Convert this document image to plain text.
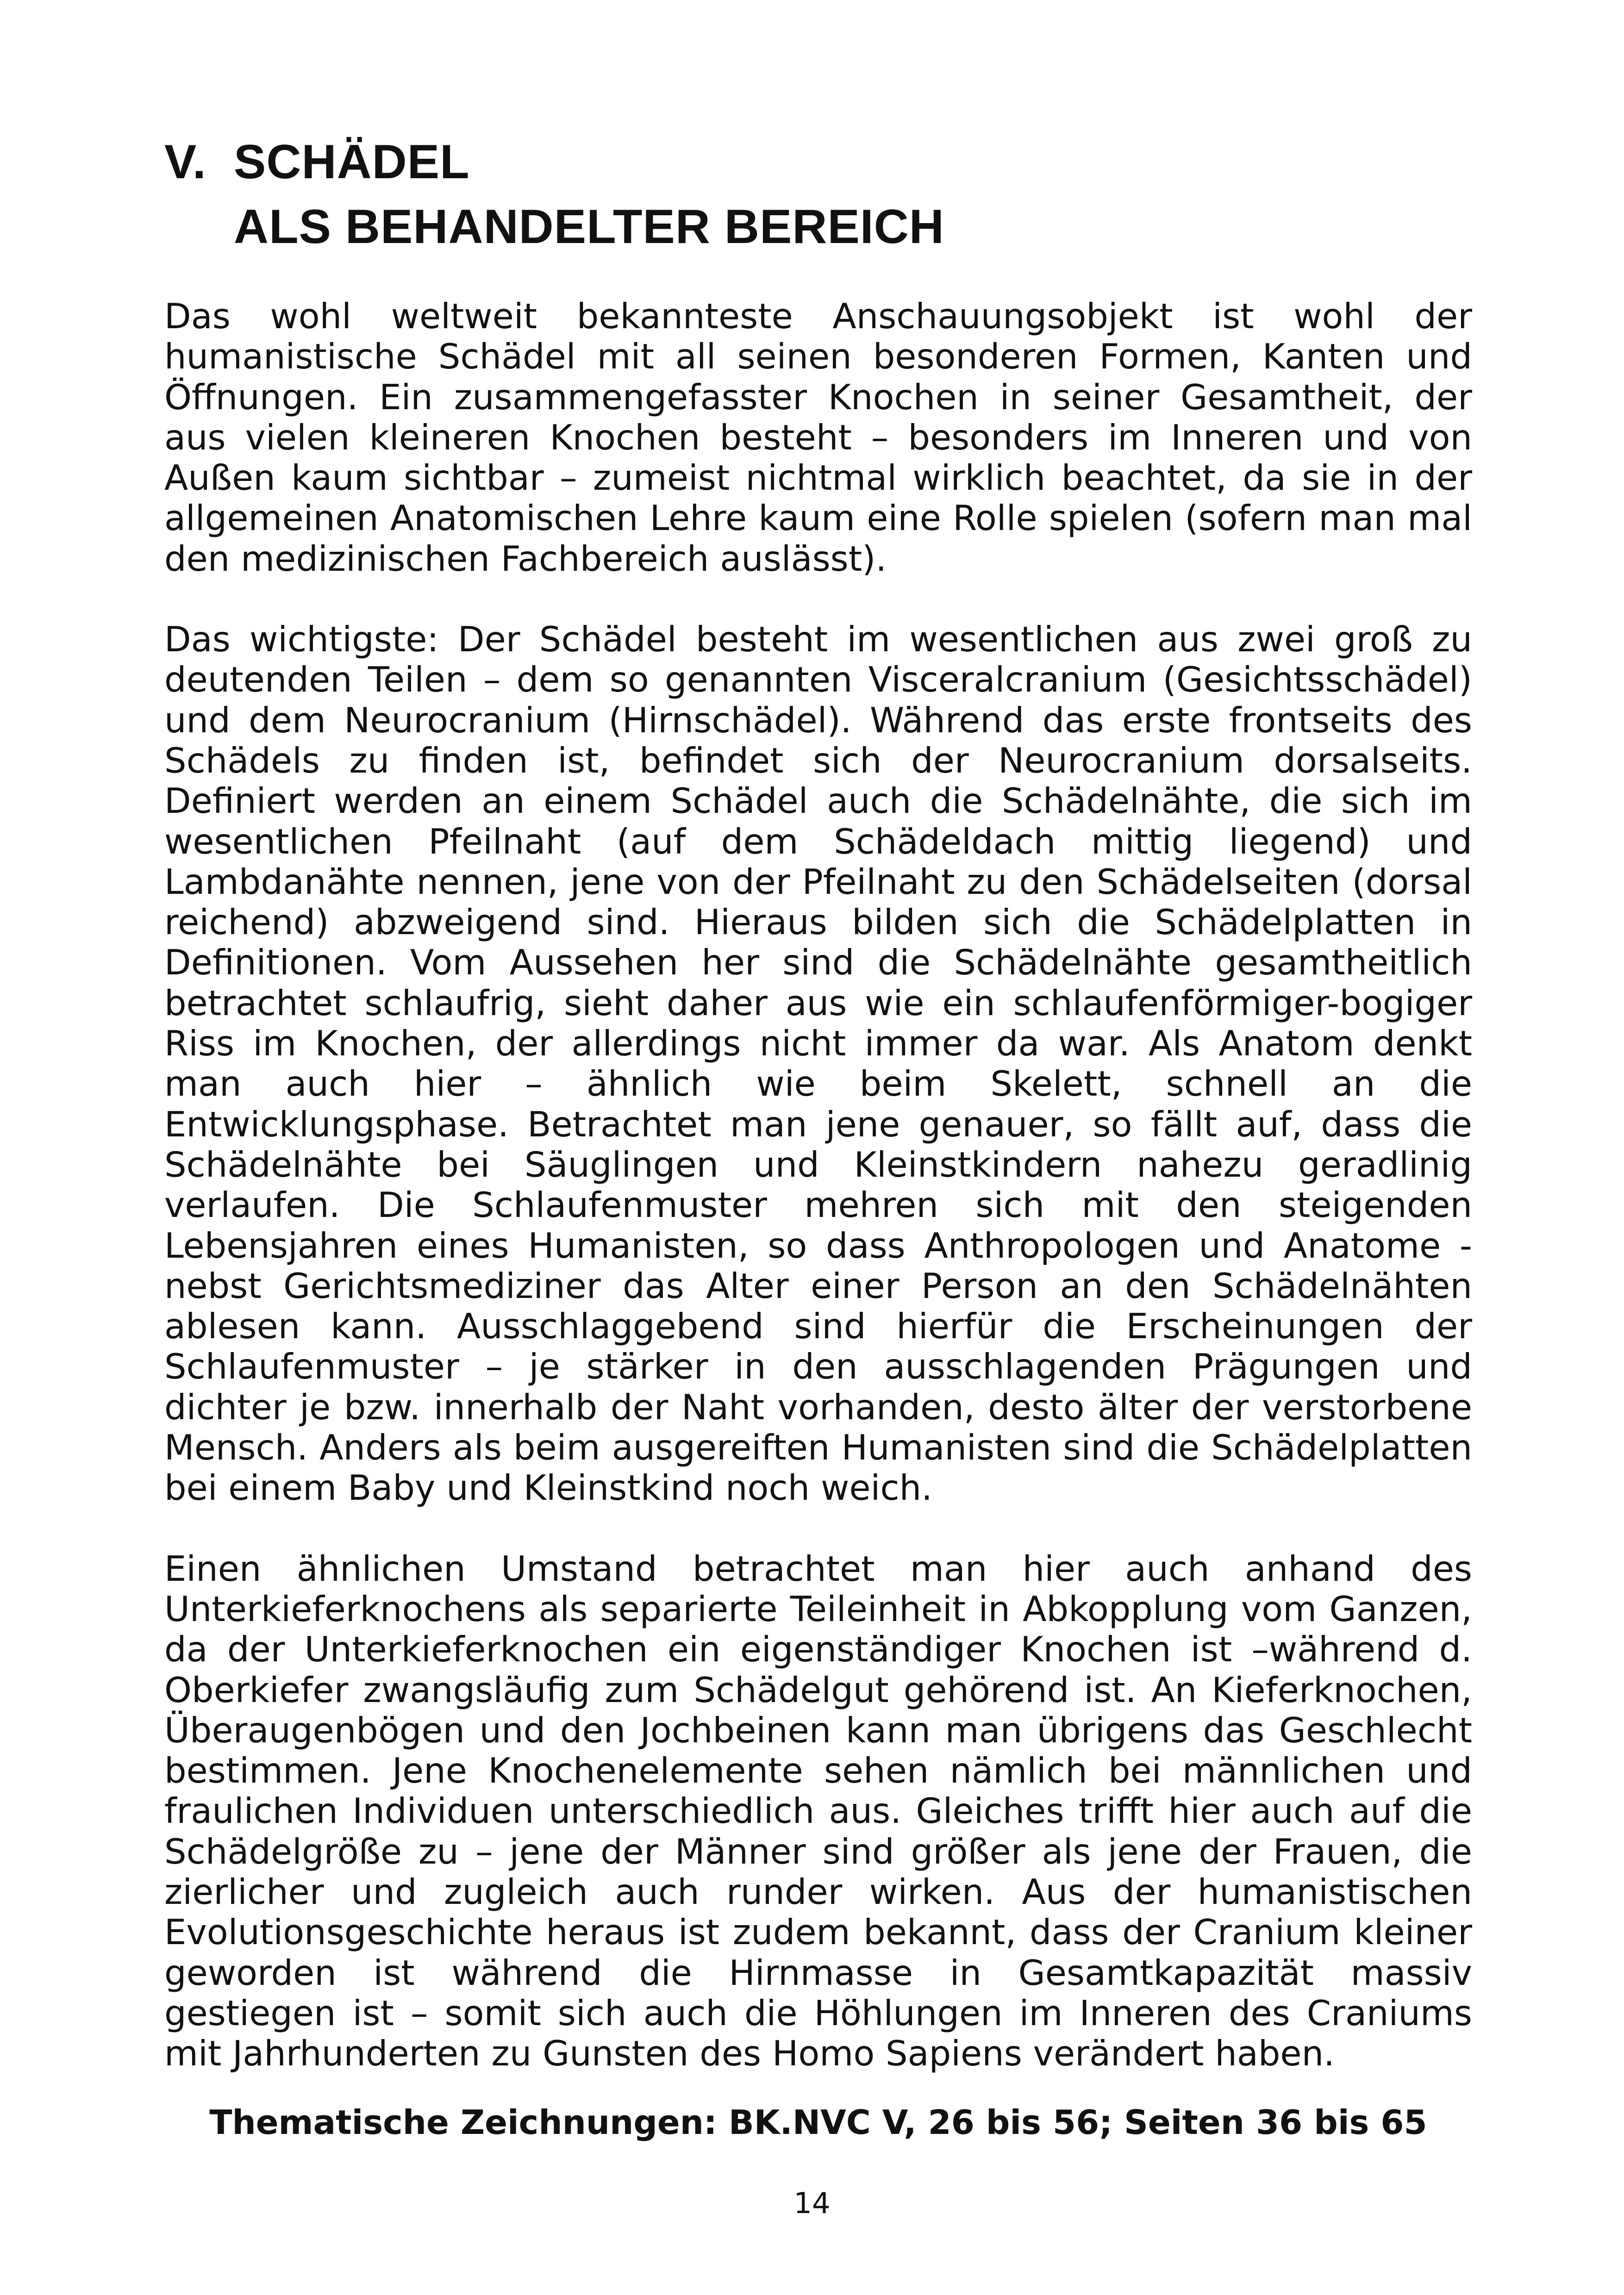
V. SCHÄDEL
ALS BEHANDELTER BEREICH

Das wohl weltweit bekannteste Anschauungsobjekt ist wohl der humanistische Schädel mit all seinen besonderen Formen, Kanten und Öffnungen. Ein zusammengefasster Knochen in seiner Gesamtheit, der aus vielen kleineren Knochen besteht – besonders im Inneren und von Außen kaum sichtbar – zumeist nichtmal wirklich beachtet, da sie in der allgemeinen Anatomischen Lehre kaum eine Rolle spielen (sofern man mal den medizinischen Fachbereich auslässt).

Das wichtigste: Der Schädel besteht im wesentlichen aus zwei groß zu deutenden Teilen – dem so genannten Visceralcranium (Gesichtsschädel) und dem Neurocranium (Hirnschädel). Während das erste frontseits des Schädels zu finden ist, befindet sich der Neurocranium dorsalseits. Definiert werden an einem Schädel auch die Schädelnähte, die sich im wesentlichen Pfeilnaht (auf dem Schädeldach mittig liegend) und Lambdanähte nennen, jene von der Pfeilnaht zu den Schädelseiten (dorsal reichend) abzweigend sind. Hieraus bilden sich die Schädelplatten in Definitionen. Vom Aussehen her sind die Schädelnähte gesamtheitlich betrachtet schlaufrig, sieht daher aus wie ein schlaufenförmiger-bogiger Riss im Knochen, der allerdings nicht immer da war. Als Anatom denkt man auch hier – ähnlich wie beim Skelett, schnell an die Entwicklungsphase. Betrachtet man jene genauer, so fällt auf, dass die Schädelnähte bei Säuglingen und Kleinstkindern nahezu geradlinig verlaufen. Die Schlaufenmuster mehren sich mit den steigenden Lebensjahren eines Humanisten, so dass Anthropologen und Anatome -nebst Gerichtsmediziner das Alter einer Person an den Schädelnähten ablesen kann. Ausschlaggebend sind hierfür die Erscheinungen der Schlaufenmuster – je stärker in den ausschlagenden Prägungen und dichter je bzw. innerhalb der Naht vorhanden, desto älter der verstorbene Mensch. Anders als beim ausgereiften Humanisten sind die Schädelplatten bei einem Baby und Kleinstkind noch weich.

Einen ähnlichen Umstand betrachtet man hier auch anhand des Unterkieferknochens als separierte Teileinheit in Abkopplung vom Ganzen, da der Unterkieferknochen ein eigenständiger Knochen ist –während d. Oberkiefer zwangsläufig zum Schädelgut gehörend ist. An Kieferknochen, Überaugenbögen und den Jochbeinen kann man übrigens das Geschlecht bestimmen. Jene Knochenelemente sehen nämlich bei männlichen und fraulichen Individuen unterschiedlich aus. Gleiches trifft hier auch auf die Schädelgröße zu – jene der Männer sind größer als jene der Frauen, die zierlicher und zugleich auch runder wirken. Aus der humanistischen Evolutionsgeschichte heraus ist zudem bekannt, dass der Cranium kleiner geworden ist während die Hirnmasse in Gesamtkapazität massiv gestiegen ist – somit sich auch die Höhlungen im Inneren des Craniums mit Jahrhunderten zu Gunsten des Homo Sapiens verändert haben.

Thematische Zeichnungen: BK.NVC V, 26 bis 56; Seiten 36 bis 65
14
